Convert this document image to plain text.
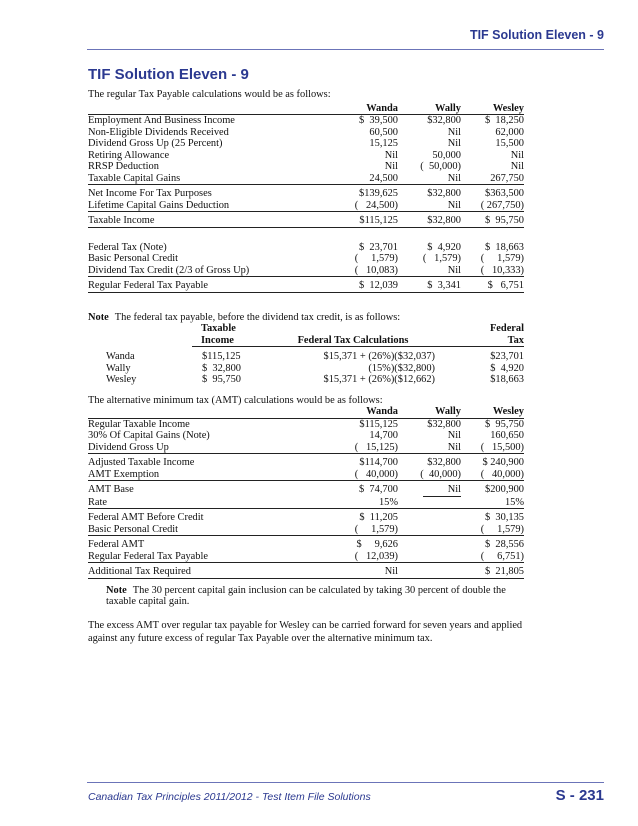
TIF Solution Eleven - 9
TIF Solution Eleven - 9

The regular Tax Payable calculations would be as follows:

	Wanda	Wally	Wesley
Employment And Business Income	$  39,500	$32,800	$  18,250
Non-Eligible Dividends Received	60,500	Nil	62,000
Dividend Gross Up (25 Percent)	15,125	Nil	15,500
Retiring Allowance	Nil	50,000	Nil
RRSP Deduction	Nil	(  50,000)	Nil
Taxable Capital Gains	24,500	Nil	267,750
Net Income For Tax Purposes	$139,625	$32,800	$363,500
Lifetime Capital Gains Deduction	(   24,500)	Nil	( 267,750)
Taxable Income	$115,125	$32,800	$  95,750
Federal Tax (Note)	$  23,701	$  4,920	$  18,663
Basic Personal Credit	(     1,579)	(   1,579)	(     1,579)
Dividend Tax Credit (2/3 of Gross Up)	(   10,083)	Nil	(   10,333)
Regular Federal Tax Payable	$  12,039	$  3,341	$   6,751

Note The federal tax payable, before the dividend tax credit, is as follows:

		Taxable		Federal
		Income	Federal Tax Calculations	Tax
	Wanda	$115,125	$15,371 + (26%)($32,037)	$23,701
	Wally	$  32,800	(15%)($32,800)	$  4,920
	Wesley	$  95,750	$15,371 + (26%)($12,662)	$18,663

The alternative minimum tax (AMT) calculations would be as follows:

	Wanda	Wally	Wesley
Regular Taxable Income	$115,125	$32,800	$  95,750
30% Of Capital Gains (Note)	14,700	Nil	160,650
Dividend Gross Up	(   15,125)	Nil	(   15,500)
Adjusted Taxable Income	$114,700	$32,800	$ 240,900
AMT Exemption	(   40,000)	(  40,000)	(   40,000)
AMT Base	$  74,700	Nil	$200,900
Rate	15%		15%
Federal AMT Before Credit	$  11,205		$  30,135
Basic Personal Credit	(     1,579)		(     1,579)
Federal AMT	$     9,626		$  28,556
Regular Federal Tax Payable	(   12,039)		(     6,751)
Additional Tax Required	Nil		$  21,805

Note The 30 percent capital gain inclusion can be calculated by taking 30 percent of double the taxable capital gain.

The excess AMT over regular tax payable for Wesley can be carried forward for seven years and applied against any future excess of regular Tax Payable over the alternative minimum tax.

Canadian Tax Principles 2011/2012 - Test Item File Solutions	S - 231
